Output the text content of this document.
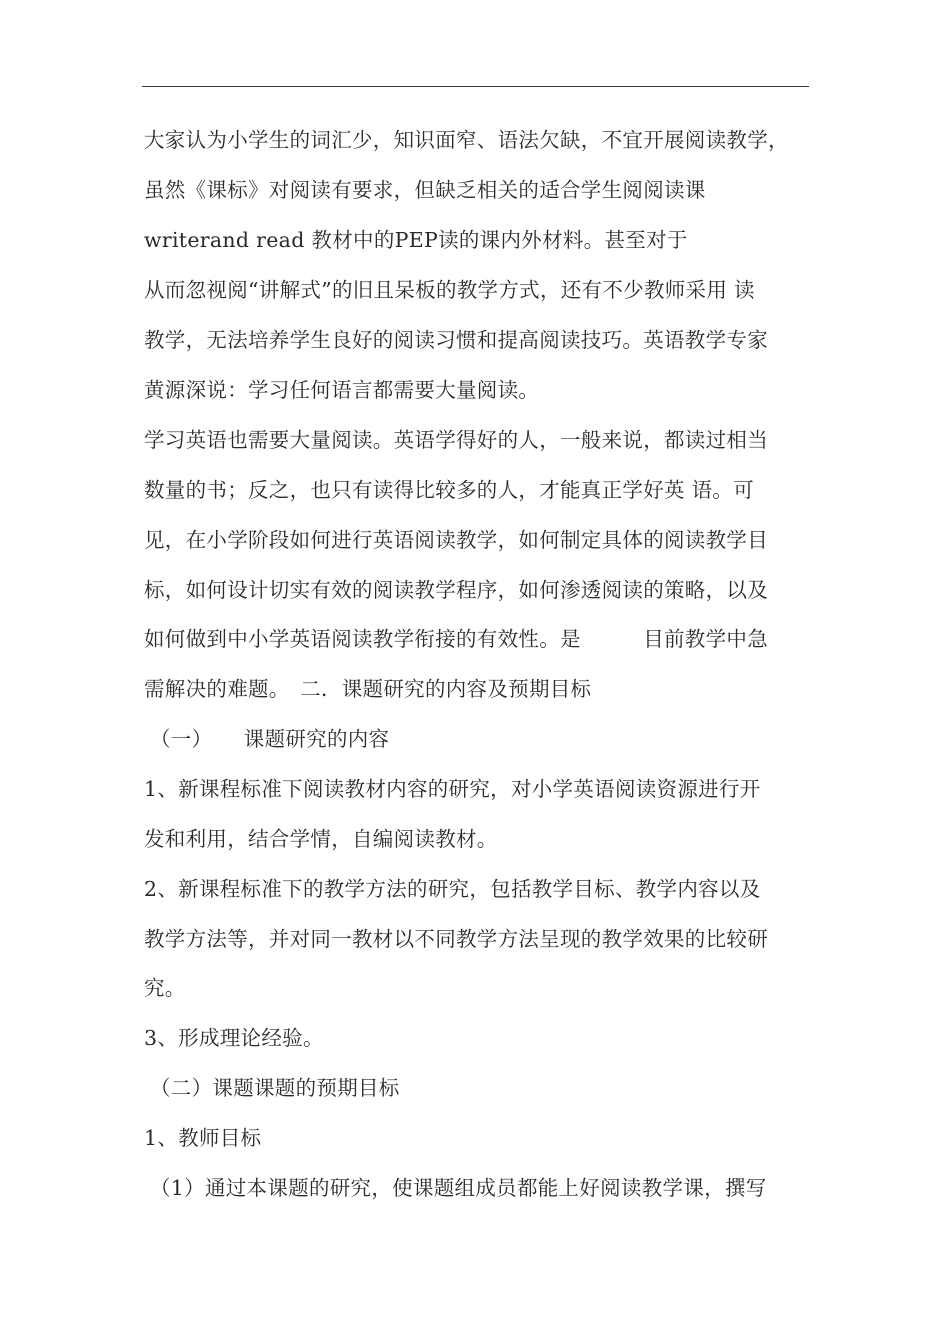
大家认为小学生的词汇少，知识面窄、语法欠缺，不宜开展阅读教学，
虽然《课标》对阅读有要求，但缺乏相关的适合学生阅阅读课
writerand read 教材中的PEP读的课内外材料。甚至对于
从而忽视阅“讲解式”的旧且呆板的教学方式，还有不少教师采用 读
教学，无法培养学生良好的阅读习惯和提高阅读技巧。英语教学专家
黄源深说：学习任何语言都需要大量阅读。
学习英语也需要大量阅读。英语学得好的人，一般来说，都读过相当
数量的书；反之，也只有读得比较多的人，才能真正学好英 语。可
见，在小学阶段如何进行英语阅读教学，如何制定具体的阅读教学目
标，如何设计切实有效的阅读教学程序，如何渗透阅读的策略，以及
如何做到中小学英语阅读教学衔接的有效性。是　　　目前教学中急
需解决的难题。　二．课题研究的内容及预期目标
（一）　　课题研究的内容
1、新课程标准下阅读教材内容的研究，对小学英语阅读资源进行开
发和利用，结合学情，自编阅读教材。
2、新课程标准下的教学方法的研究，包括教学目标、教学内容以及
教学方法等，并对同一教材以不同教学方法呈现的教学效果的比较研
究。
3、形成理论经验。
（二）课题课题的预期目标
1、教师目标
（1）通过本课题的研究，使课题组成员都能上好阅读教学课，撰写
